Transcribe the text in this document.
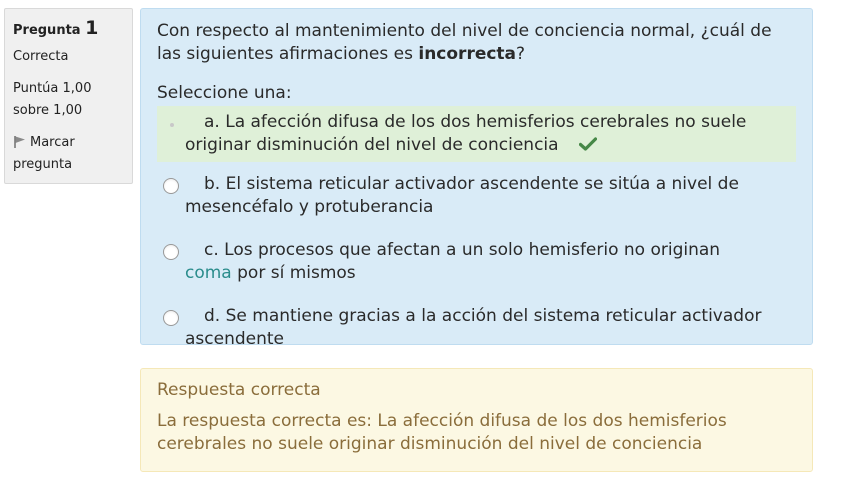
Pregunta 1
Correcta
Puntúa 1,00
sobre 1,00
Marcar
pregunta
Con respecto al mantenimiento del nivel de conciencia normal, ¿cuál de las siguientes afirmaciones es incorrecta?
Seleccione una:
a. La afección difusa de los dos hemisferios cerebrales no suele originar disminución del nivel de conciencia
b. El sistema reticular activador ascendente se sitúa a nivel de mesencéfalo y protuberancia
c. Los procesos que afectan a un solo hemisferio no originan coma por sí mismos
d. Se mantiene gracias a la acción del sistema reticular activador ascendente
Respuesta correcta
La respuesta correcta es: La afección difusa de los dos hemisferios cerebrales no suele originar disminución del nivel de conciencia
